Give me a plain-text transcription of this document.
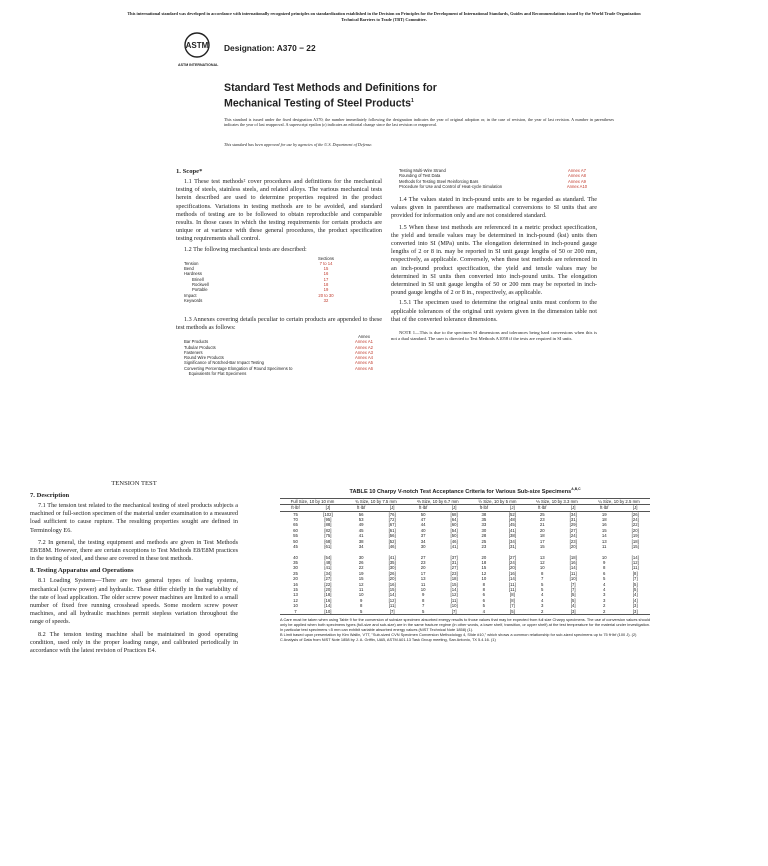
This international standard was developed in accordance with internationally recognized principles on standardization established in the Decision on Principles for the Development of International Standards, Guides and Recommendations issued by the World Trade Organization Technical Barriers to Trade (TBT) Committee.
ASTM
ASTM INTERNATIONAL
Designation: A370 − 22
Standard Test Methods and Definitions for
Mechanical Testing of Steel Products$^1$
This standard is issued under the fixed designation A370; the number immediately following the designation indicates the year of original adoption or, in the case of revision, the year of last revision. A number in parentheses indicates the year of last reapproval. A superscript epsilon (ε) indicates an editorial change since the last revision or reapproval.
This standard has been approved for use by agencies of the U.S. Department of Defense.
1. Scope*

1.1 These test methods² cover procedures and definitions for the mechanical testing of steels, stainless steels, and related alloys. The various mechanical tests herein described are used to determine properties required in the product specifications. Variations in testing methods are to be avoided, and standard methods of testing are to be followed to obtain reproducible and comparable results. In those cases in which the testing requirements for certain products are unique or at variance with these general procedures, the product specification testing requirements shall control.

1.2 The following mechanical tests are described:

Sections
Tension	7 to 14
Bend	15
Hardness	16
Brinell	17
Rockwell	18
Portable	19
Impact	20 to 30
Keywords	32

1.3 Annexes covering details peculiar to certain products are appended to these test methods as follows:

Annex
Bar Products	Annex A1
Tubular Products	Annex A2
Fasteners	Annex A3
Round Wire Products	Annex A4
Significance of Notched-Bar Impact Testing	Annex A5
Converting Percentage Elongation of Round Specimens to	Annex A6
Equivalents for Flat Specimens
Testing Multi-Wire Strand	Annex A7
Rounding of Test Data	Annex A8
Methods for Testing Steel Reinforcing Bars	Annex A9
Procedure for Use and Control of Heat-cycle Simulation	Annex A10

1.4 The values stated in inch-pound units are to be regarded as standard. The values given in parentheses are mathematical conversions to SI units that are provided for information only and are not considered standard.

1.5 When these test methods are referenced in a metric product specification, the yield and tensile values may be determined in inch-pound (ksi) units then converted into SI (MPa) units. The elongation determined in inch-pound gauge lengths of 2 or 8 in. may be reported in SI unit gauge lengths of 50 or 200 mm, respectively, as applicable. Conversely, when these test methods are referenced in an inch-pound product specification, the yield and tensile values may be determined in SI units then converted into inch-pound units. The elongation determined in SI unit gauge lengths of 50 or 200 mm may be reported in inch-pound gauge lengths of 2 or 8 in., respectively, as applicable.

1.5.1 The specimen used to determine the original units must conform to the applicable tolerances of the original unit system given in the dimension table not that of the converted tolerance dimensions.

NOTE 1—This is due to the specimen SI dimensions and tolerances being hard conversions when this is not a dual standard. The user is directed to Test Methods A1058 if the tests are required in SI units.

TENSION TEST
7. Description

7.1 The tension test related to the mechanical testing of steel products subjects a machined or full-section specimen of the material under examination to a measured load sufficient to cause rupture. The resulting properties sought are defined in Terminology E6.

7.2 In general, the testing equipment and methods are given in Test Methods E8/E8M. However, there are certain exceptions to Test Methods E8/E8M practices in the testing of steel, and these are covered in these test methods.

8. Testing Apparatus and Operations

8.1 Loading Systems—There are two general types of loading systems, mechanical (screw power) and hydraulic. These differ chiefly in the variability of the rate of load application. The older screw power machines are limited to a small number of fixed free running crosshead speeds. Some modern screw power machines, and all hydraulic machines permit stepless variation throughout the range of speeds.

8.2 The tension testing machine shall be maintained in good operating condition, used only in the proper loading range, and calibrated periodically in accordance with the latest revision of Practices E4.

TABLE 10 Charpy V-notch Test Acceptance Criteria for Various Sub-size Specimens$^{A,B,C}$
Full Size, 10 by 10 mm		¾ Size, 10 by 7.5 mm		⅔ Size, 10 by 6.7 mm		½ Size, 10 by 5 mm		⅓ Size, 10 by 3.3 mm		¼ Size, 10 by 2.5 mm	
ft·lbf	[J]	ft·lbf	[J]	ft·lbf	[J]	ft·lbf	[J]	ft·lbf	[J]	ft·lbf	[J]
75	[102]	56	[76]	50	[68]	38	[52]	25	[34]	19	[26]
70	[95]	53	[72]	47	[64]	35	[48]	23	[31]	18	[24]
65	[88]	49	[67]	44	[60]	33	[45]	21	[29]	16	[22]
60	[82]	45	[61]	40	[54]	30	[41]	20	[27]	15	[20]
55	[75]	41	[56]	37	[50]	28	[38]	18	[24]	14	[19]
50	[68]	38	[52]	34	[46]	25	[34]	17	[23]	13	[18]
45	[61]	34	[46]	30	[41]	23	[31]	15	[20]	11	[15]

40	[54]	30	[41]	27	[37]	20	[27]	13	[18]	10	[14]
35	[48]	26	[35]	23	[31]	18	[24]	12	[16]	9	[12]
30	[41]	22	[30]	20	[27]	15	[20]	10	[14]	8	[11]
25	[34]	19	[26]	17	[23]	12	[16]	8	[11]	6	[8]
20	[27]	15	[20]	13	[18]	10	[14]	7	[10]	5	[7]
16	[22]	12	[16]	11	[15]	8	[11]	5	[7]	4	[5]
15	[20]	11	[15]	10	[14]	8	[11]	5	[7]	4	[5]
13	[18]	10	[14]	9	[12]	6	[8]	4	[5]	3	[4]
12	[16]	9	[12]	8	[11]	6	[8]	4	[5]	3	[4]
10	[14]	8	[11]	7	[10]	5	[7]	3	[4]	2	[3]
7	[10]	5	[7]	5	[7]	4	[5]	2	[3]	2	[3]

A Care must be taken when using Table 9 for the conversion of subsize specimen absorbed energy results to those values that may be expected from full size Charpy specimens. The use of conversion values should only be applied when both specimens types (full-size and sub-size) are in the same fracture regime (in other words, a lower shelf, transition, or upper shelf) at the test temperature for the material under investigation. In particular test specimens <5 mm can exhibit variable absorbed energy values (NIST Technical Note 1858) (1).

B Limit based upon presentation by Kim Wallin, VTT, "Sub-sized CVN Specimen Conversion Methodology 4, Slide #10," which shows a common relationship for sub-sized specimens up to 75 ft·lbf (100 J). (2)

C Analysis of Data from NIST Note 1858 by J. A. Griffin, UAB, ASTM A01.13 Task Group meeting, San Antonio, TX 5.4.16. (1)
